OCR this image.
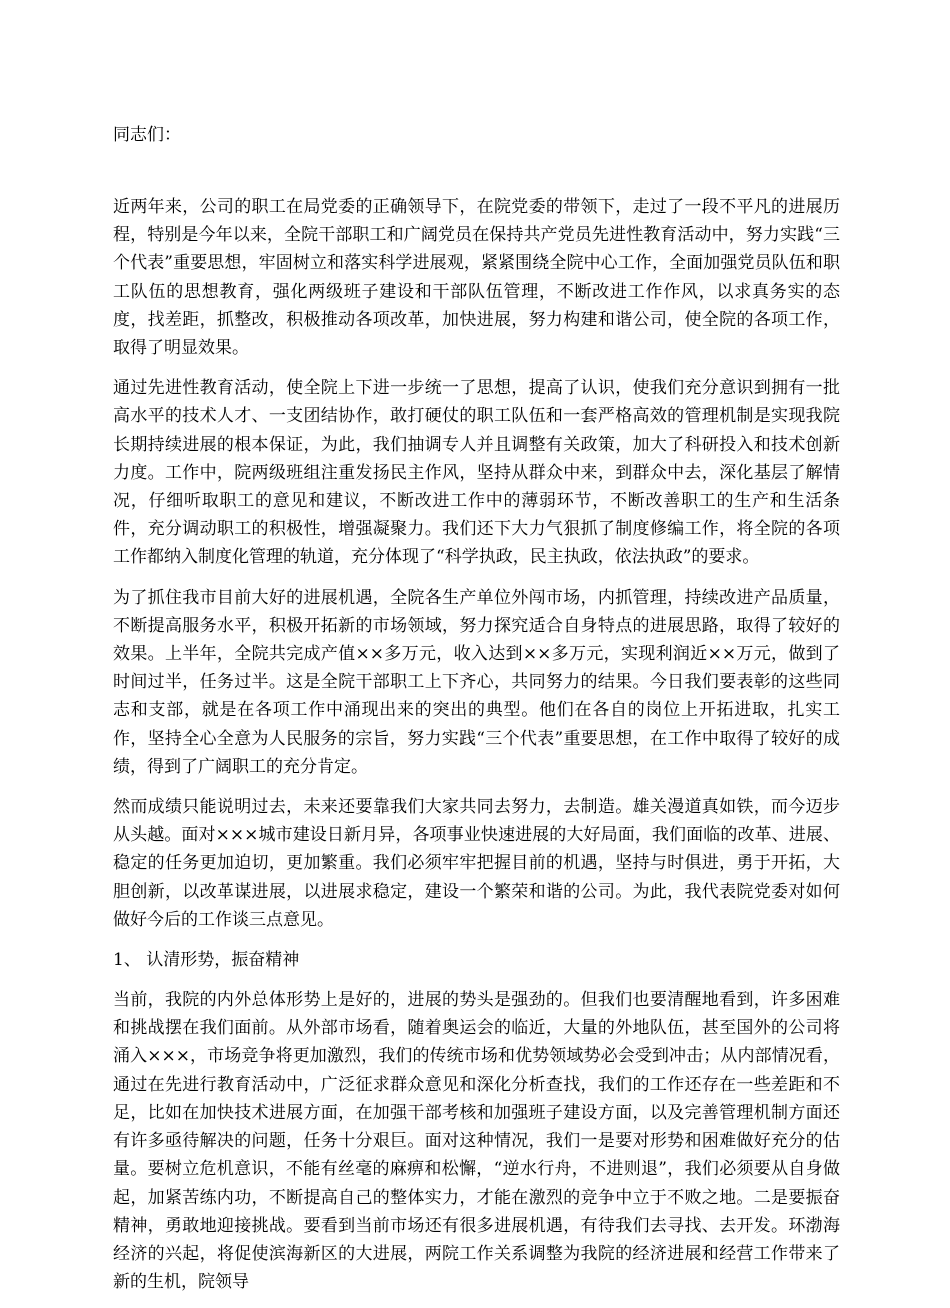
同志们：

近两年来，公司的职工在局党委的正确领导下，在院党委的带领下，走过了一段不平凡的进展历程，特别是今年以来，全院干部职工和广阔党员在保持共产党员先进性教育活动中，努力实践“三个代表”重要思想，牢固树立和落实科学进展观，紧紧围绕全院中心工作，全面加强党员队伍和职工队伍的思想教育，强化两级班子建设和干部队伍管理，不断改进工作作风，以求真务实的态度，找差距，抓整改，积极推动各项改革，加快进展，努力构建和谐公司，使全院的各项工作，取得了明显效果。

通过先进性教育活动，使全院上下进一步统一了思想，提高了认识，使我们充分意识到拥有一批高水平的技术人才、一支团结协作，敢打硬仗的职工队伍和一套严格高效的管理机制是实现我院长期持续进展的根本保证，为此，我们抽调专人并且调整有关政策，加大了科研投入和技术创新力度。工作中，院两级班组注重发扬民主作风，坚持从群众中来，到群众中去，深化基层了解情况，仔细听取职工的意见和建议，不断改进工作中的薄弱环节，不断改善职工的生产和生活条件，充分调动职工的积极性，增强凝聚力。我们还下大力气狠抓了制度修编工作，将全院的各项工作都纳入制度化管理的轨道，充分体现了“科学执政，民主执政，依法执政”的要求。

为了抓住我市目前大好的进展机遇，全院各生产单位外闯市场，内抓管理，持续改进产品质量，不断提高服务水平，积极开拓新的市场领域，努力探究适合自身特点的进展思路，取得了较好的效果。上半年，全院共完成产值××多万元，收入达到××多万元，实现利润近××万元，做到了时间过半，任务过半。这是全院干部职工上下齐心，共同努力的结果。今日我们要表彰的这些同志和支部，就是在各项工作中涌现出来的突出的典型。他们在各自的岗位上开拓进取，扎实工作，坚持全心全意为人民服务的宗旨，努力实践“三个代表”重要思想，在工作中取得了较好的成绩，得到了广阔职工的充分肯定。

然而成绩只能说明过去，未来还要靠我们大家共同去努力，去制造。雄关漫道真如铁，而今迈步从头越。面对×××城市建设日新月异，各项事业快速进展的大好局面，我们面临的改革、进展、稳定的任务更加迫切，更加繁重。我们必须牢牢把握目前的机遇，坚持与时俱进，勇于开拓，大胆创新，以改革谋进展，以进展求稳定，建设一个繁荣和谐的公司。为此，我代表院党委对如何做好今后的工作谈三点意见。

1、 认清形势，振奋精神

当前，我院的内外总体形势上是好的，进展的势头是强劲的。但我们也要清醒地看到，许多困难和挑战摆在我们面前。从外部市场看，随着奥运会的临近，大量的外地队伍，甚至国外的公司将涌入×××，市场竞争将更加激烈，我们的传统市场和优势领域势必会受到冲击；从内部情况看，通过在先进行教育活动中，广泛征求群众意见和深化分析查找，我们的工作还存在一些差距和不足，比如在加快技术进展方面，在加强干部考核和加强班子建设方面，以及完善管理机制方面还有许多亟待解决的问题，任务十分艰巨。面对这种情况，我们一是要对形势和困难做好充分的估量。要树立危机意识，不能有丝毫的麻痹和松懈，“逆水行舟，不进则退”，我们必须要从自身做起，加紧苦练内功，不断提高自己的整体实力，才能在激烈的竞争中立于不败之地。二是要振奋精神，勇敢地迎接挑战。要看到当前市场还有很多进展机遇，有待我们去寻找、去开发。环渤海经济的兴起，将促使滨海新区的大进展，两院工作关系调整为我院的经济进展和经营工作带来了新的生机，院领导
